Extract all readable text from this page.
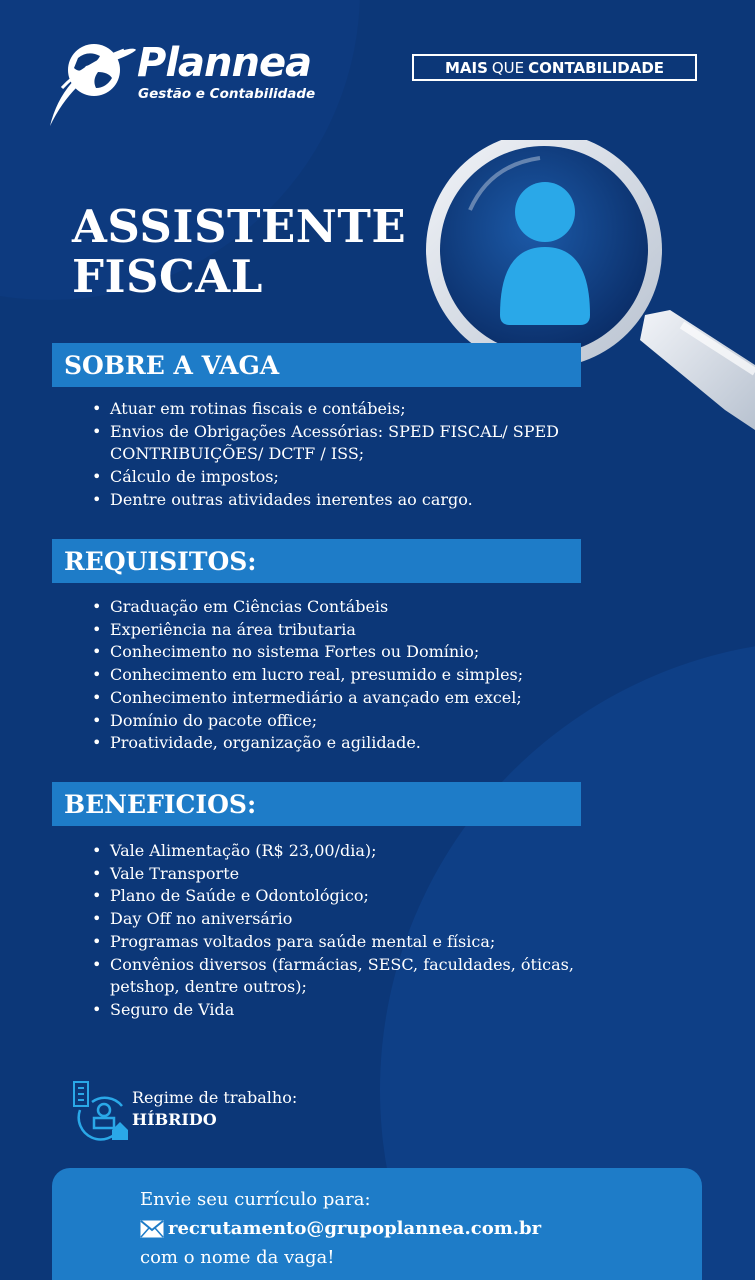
Plannea
Gestão e Contabilidade
MAIS QUE CONTABILIDADE
ASSISTENTE
FISCAL
SOBRE A VAGA
• Atuar em rotinas fiscais e contábeis;
• Envios de Obrigações Acessórias: SPED FISCAL/ SPED CONTRIBUIÇÕES/ DCTF / ISS;
• Cálculo de impostos;
• Dentre outras atividades inerentes ao cargo.
REQUISITOS:
• Graduação em Ciências Contábeis
• Experiência na área tributaria
• Conhecimento no sistema Fortes ou Domínio;
• Conhecimento em lucro real, presumido e simples;
• Conhecimento intermediário a avançado em excel;
• Domínio do pacote office;
• Proatividade, organização e agilidade.
BENEFICIOS:
• Vale Alimentação (R$ 23,00/dia);
• Vale Transporte
• Plano de Saúde e Odontológico;
• Day Off no aniversário
• Programas voltados para saúde mental e física;
• Convênios diversos (farmácias, SESC, faculdades, óticas, petshop, dentre outros);
• Seguro de Vida
Regime de trabalho:
HÍBRIDO
Envie seu currículo para:
recrutamento@grupoplannea.com.br
com o nome da vaga!
